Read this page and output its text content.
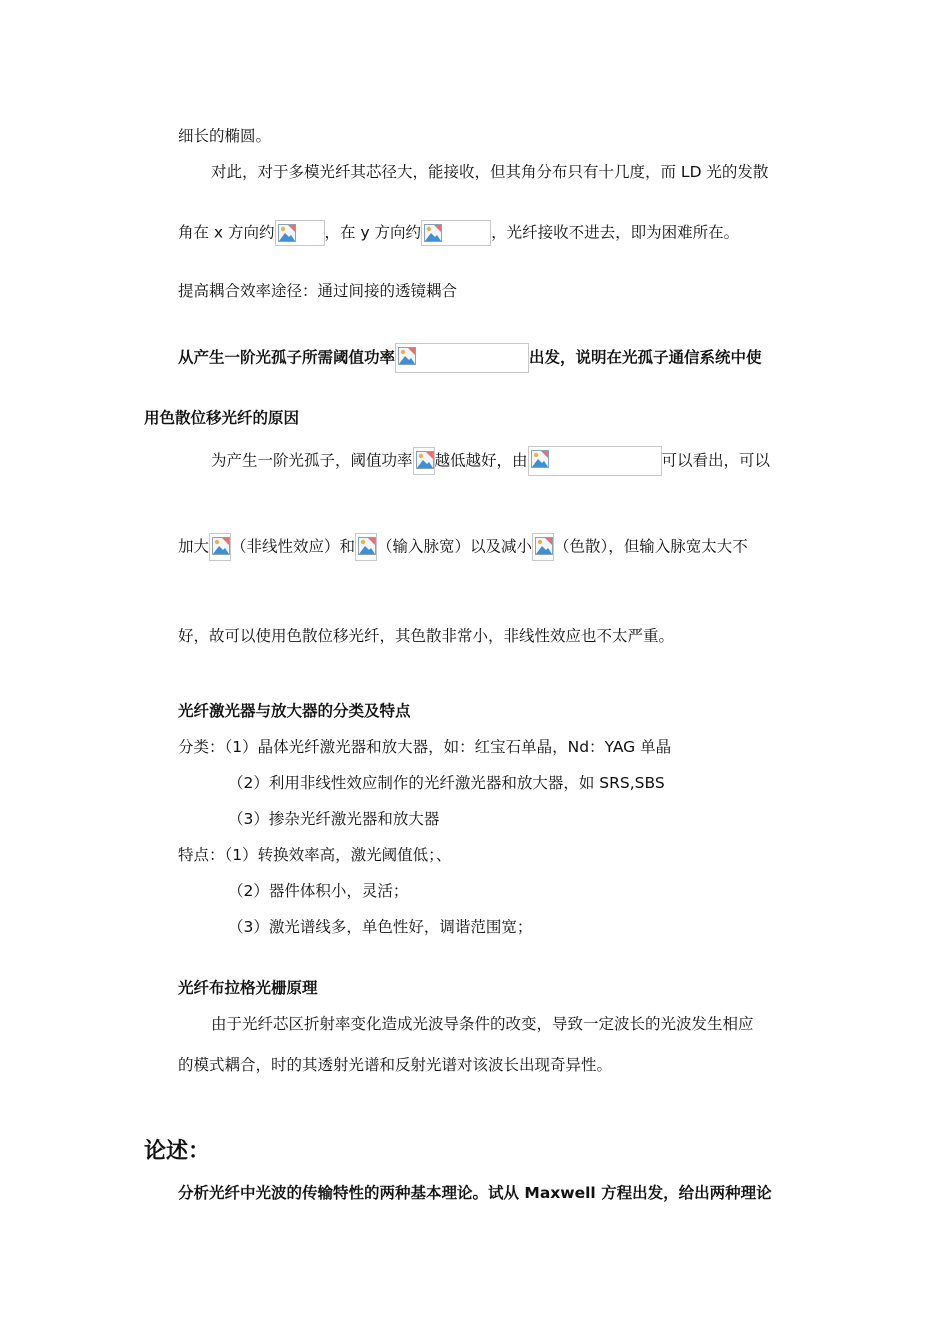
细长的椭圆。
对此，对于多模光纤其芯径大，能接收，但其角分布只有十几度，而 LD 光的发散
角在 x 方向约	，在 y 方向约	，光纤接收不进去，即为困难所在。
提高耦合效率途径：通过间接的透镜耦合
从产生一阶光孤子所需阈值功率	出发，说明在光孤子通信系统中使
用色散位移光纤的原因
为产生一阶光孤子，阈值功率 越低越好，由	可以看出，可以
加大 （非线性效应）和 （输入脉宽）以及减小 （色散），但输入脉宽太大不
好，故可以使用色散位移光纤，其色散非常小，非线性效应也不太严重。
光纤激光器与放大器的分类及特点
分类：（1）晶体光纤激光器和放大器，如：红宝石单晶，Nd：YAG 单晶
（2）利用非线性效应制作的光纤激光器和放大器，如 SRS,SBS
（3）掺杂光纤激光器和放大器
特点：（1）转换效率高，激光阈值低；、
（2）器件体积小，灵活；
（3）激光谱线多，单色性好，调谐范围宽；
光纤布拉格光栅原理
由于光纤芯区折射率变化造成光波导条件的改变，导致一定波长的光波发生相应
的模式耦合，时的其透射光谱和反射光谱对该波长出现奇异性。
论述：
分析光纤中光波的传输特性的两种基本理论。试从 Maxwell 方程出发，给出两种理论
